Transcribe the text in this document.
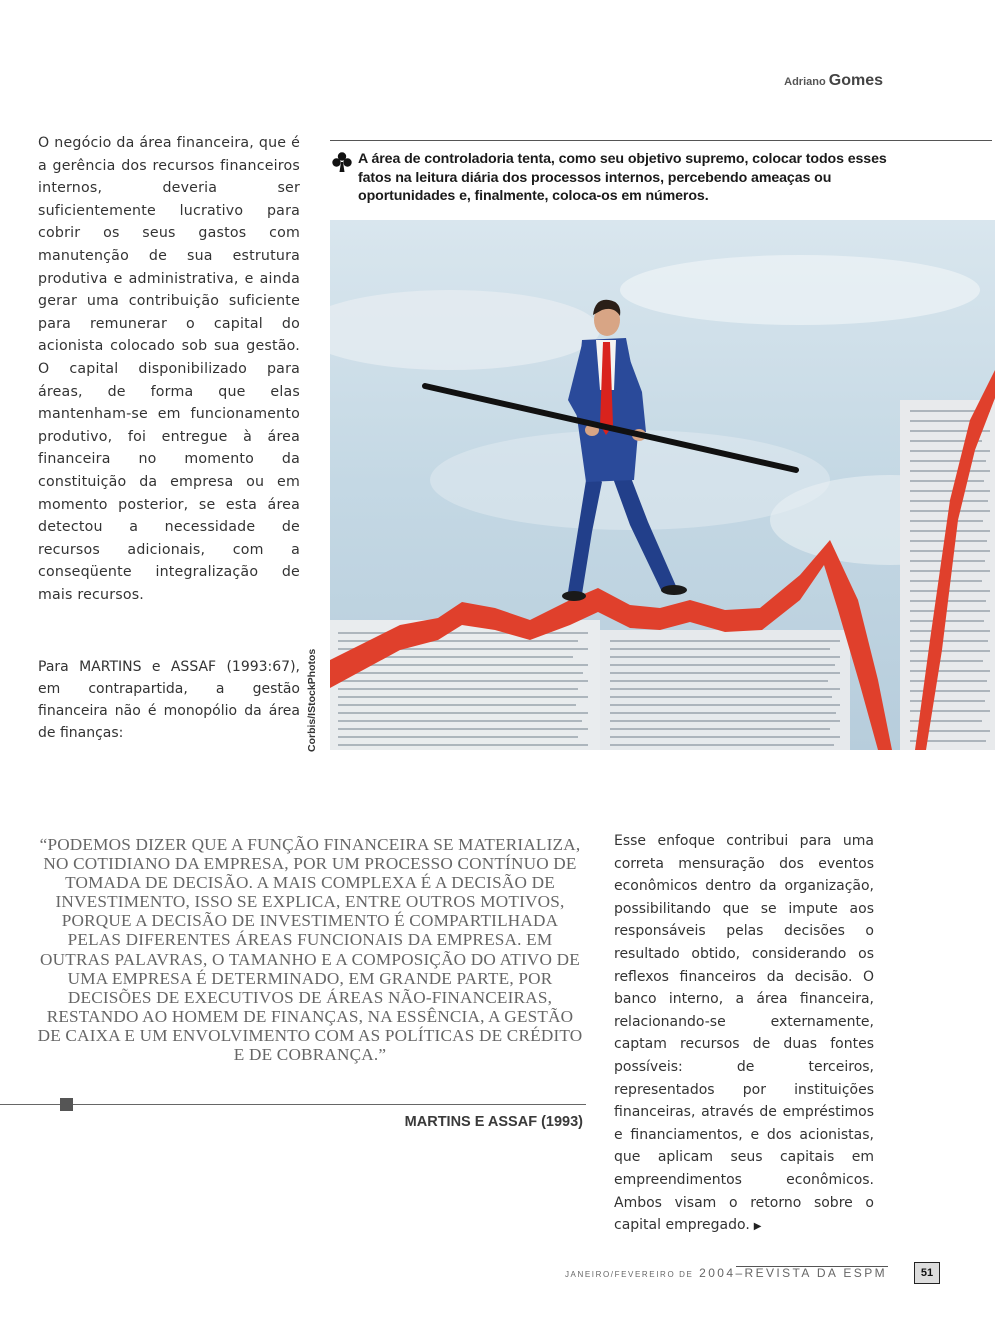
Adriano Gomes

O negócio da área financeira, que é a gerência dos recursos financeiros internos, deveria ser suficientemente lucrativo para cobrir os seus gastos com manutenção de sua estrutura produtiva e administrativa, e ainda gerar uma contribuição suficiente para remunerar o capital do acionista colocado sob sua gestão. O capital disponibilizado para áreas, de forma que elas mantenham-se em funcionamento produtivo, foi entregue à área financeira no momento da constituição da empresa ou em momento posterior, se esta área detectou a necessidade de recursos adicionais, com a conseqüente integralização de mais recursos.

Para MARTINS e ASSAF (1993:67), em contrapartida, a gestão financeira não é monopólio da área de finanças:

A área de controladoria tenta, como seu objetivo supremo, colocar todos esses fatos na leitura diária dos processos internos, percebendo ameaças ou oportunidades e, finalmente, coloca-os em números.
Corbis/IStockPhotos
“PODEMOS DIZER QUE A FUNÇÃO FINANCEIRA SE MATERIALIZA, NO COTIDIANO DA EMPRESA, POR UM PROCESSO CONTÍNUO DE TOMADA DE DECISÃO. A MAIS COMPLEXA É A DECISÃO DE INVESTIMENTO, ISSO SE EXPLICA, ENTRE OUTROS MOTIVOS, PORQUE A DECISÃO DE INVESTIMENTO É COMPARTILHADA PELAS DIFERENTES ÁREAS FUNCIONAIS DA EMPRESA. EM OUTRAS PALAVRAS, O TAMANHO E A COMPOSIÇÃO DO ATIVO DE UMA EMPRESA É DETERMINADO, EM GRANDE PARTE, POR DECISÕES DE EXECUTIVOS DE ÁREAS NÃO-FINANCEIRAS, RESTANDO AO HOMEM DE FINANÇAS, NA ESSÊNCIA, A GESTÃO DE CAIXA E UM ENVOLVIMENTO COM AS POLÍTICAS DE CRÉDITO E DE COBRANÇA.”
MARTINS E ASSAF (1993)

Esse enfoque contribui para uma correta mensuração dos eventos econômicos dentro da organização, possibilitando que se impute aos responsáveis pelas decisões o resultado obtido, considerando os reflexos financeiros da decisão. O banco interno, a área financeira, relacionando-se externamente, captam recursos de duas fontes possíveis: de terceiros, representados por instituições financeiras, através de empréstimos e financiamentos, e dos acionistas, que aplicam seus capitais em empreendimentos econômicos. Ambos visam o retorno sobre o capital empregado. ▶

JANEIRO/FEVEREIRO DE 2004–REVISTA DA ESPM	51
